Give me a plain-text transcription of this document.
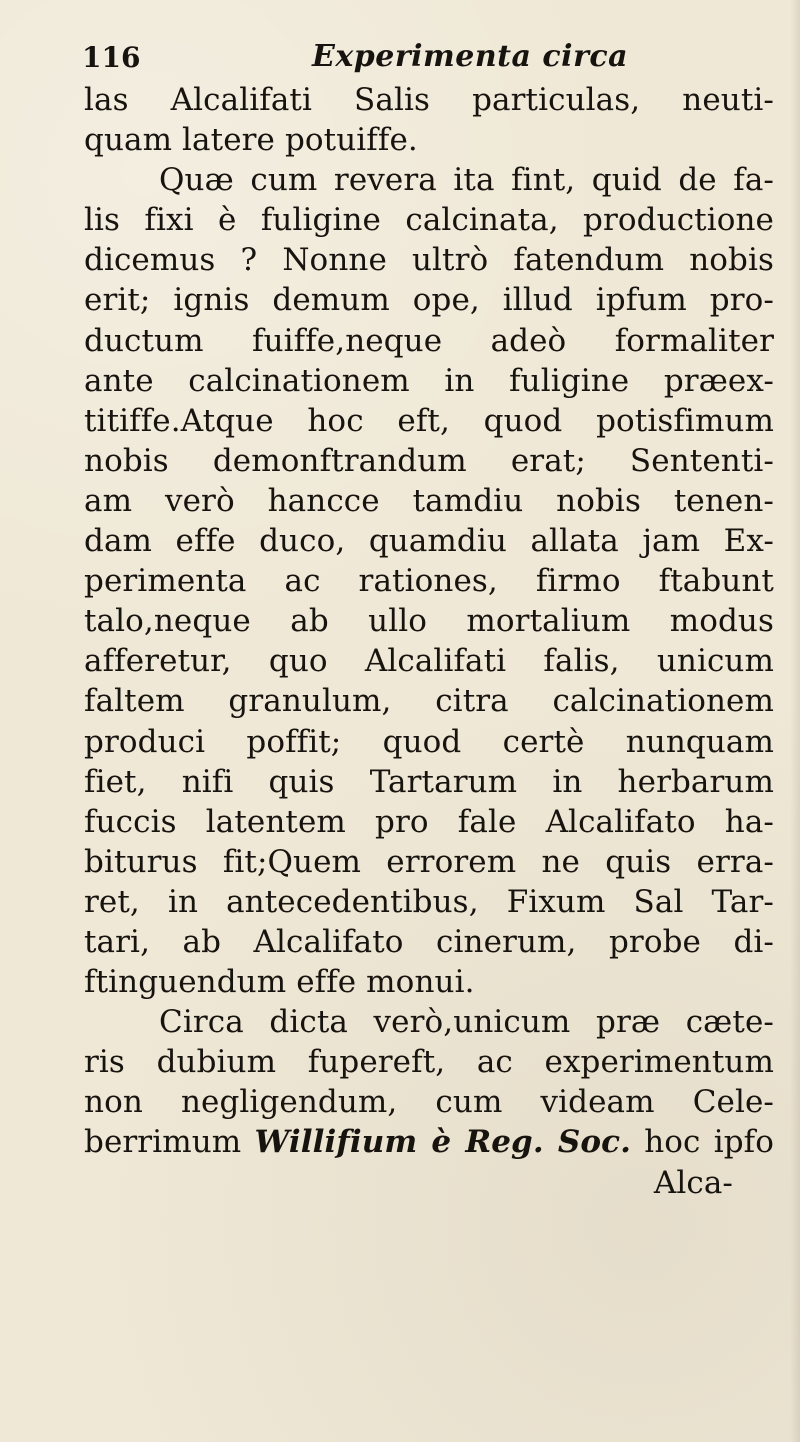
116	Experimenta circa
las Alcalifati Salis particulas, neuti-
quam latere potuiffe.
Quæ cum revera ita fint, quid de fa-
lis fixi è fuligine calcinata, productione
dicemus ? Nonne ultrò fatendum nobis
erit; ignis demum ope, illud ipfum pro-
ductum fuiffe,neque adeò formaliter
ante calcinationem in fuligine præex-
titiffe.Atque hoc eft, quod potisfimum
nobis demonftrandum erat; Sententi-
am verò hancce tamdiu nobis tenen-
dam effe duco, quamdiu allata jam Ex-
perimenta ac rationes, firmo ftabunt
talo,neque ab ullo mortalium modus
afferetur, quo Alcalifati falis, unicum
faltem granulum, citra calcinationem
produci poffit; quod certè nunquam
fiet, nifi quis Tartarum in herbarum
fuccis latentem pro fale Alcalifato ha-
biturus fit;Quem errorem ne quis erra-
ret, in antecedentibus, Fixum Sal Tar-
tari, ab Alcalifato cinerum, probe di-
ftinguendum effe monui.
Circa dicta verò,unicum præ cæte-
ris dubium fupereft, ac experimentum
non negligendum, cum videam Cele-
berrimum Willifium è Reg. Soc. hoc ipfo
Alca-
